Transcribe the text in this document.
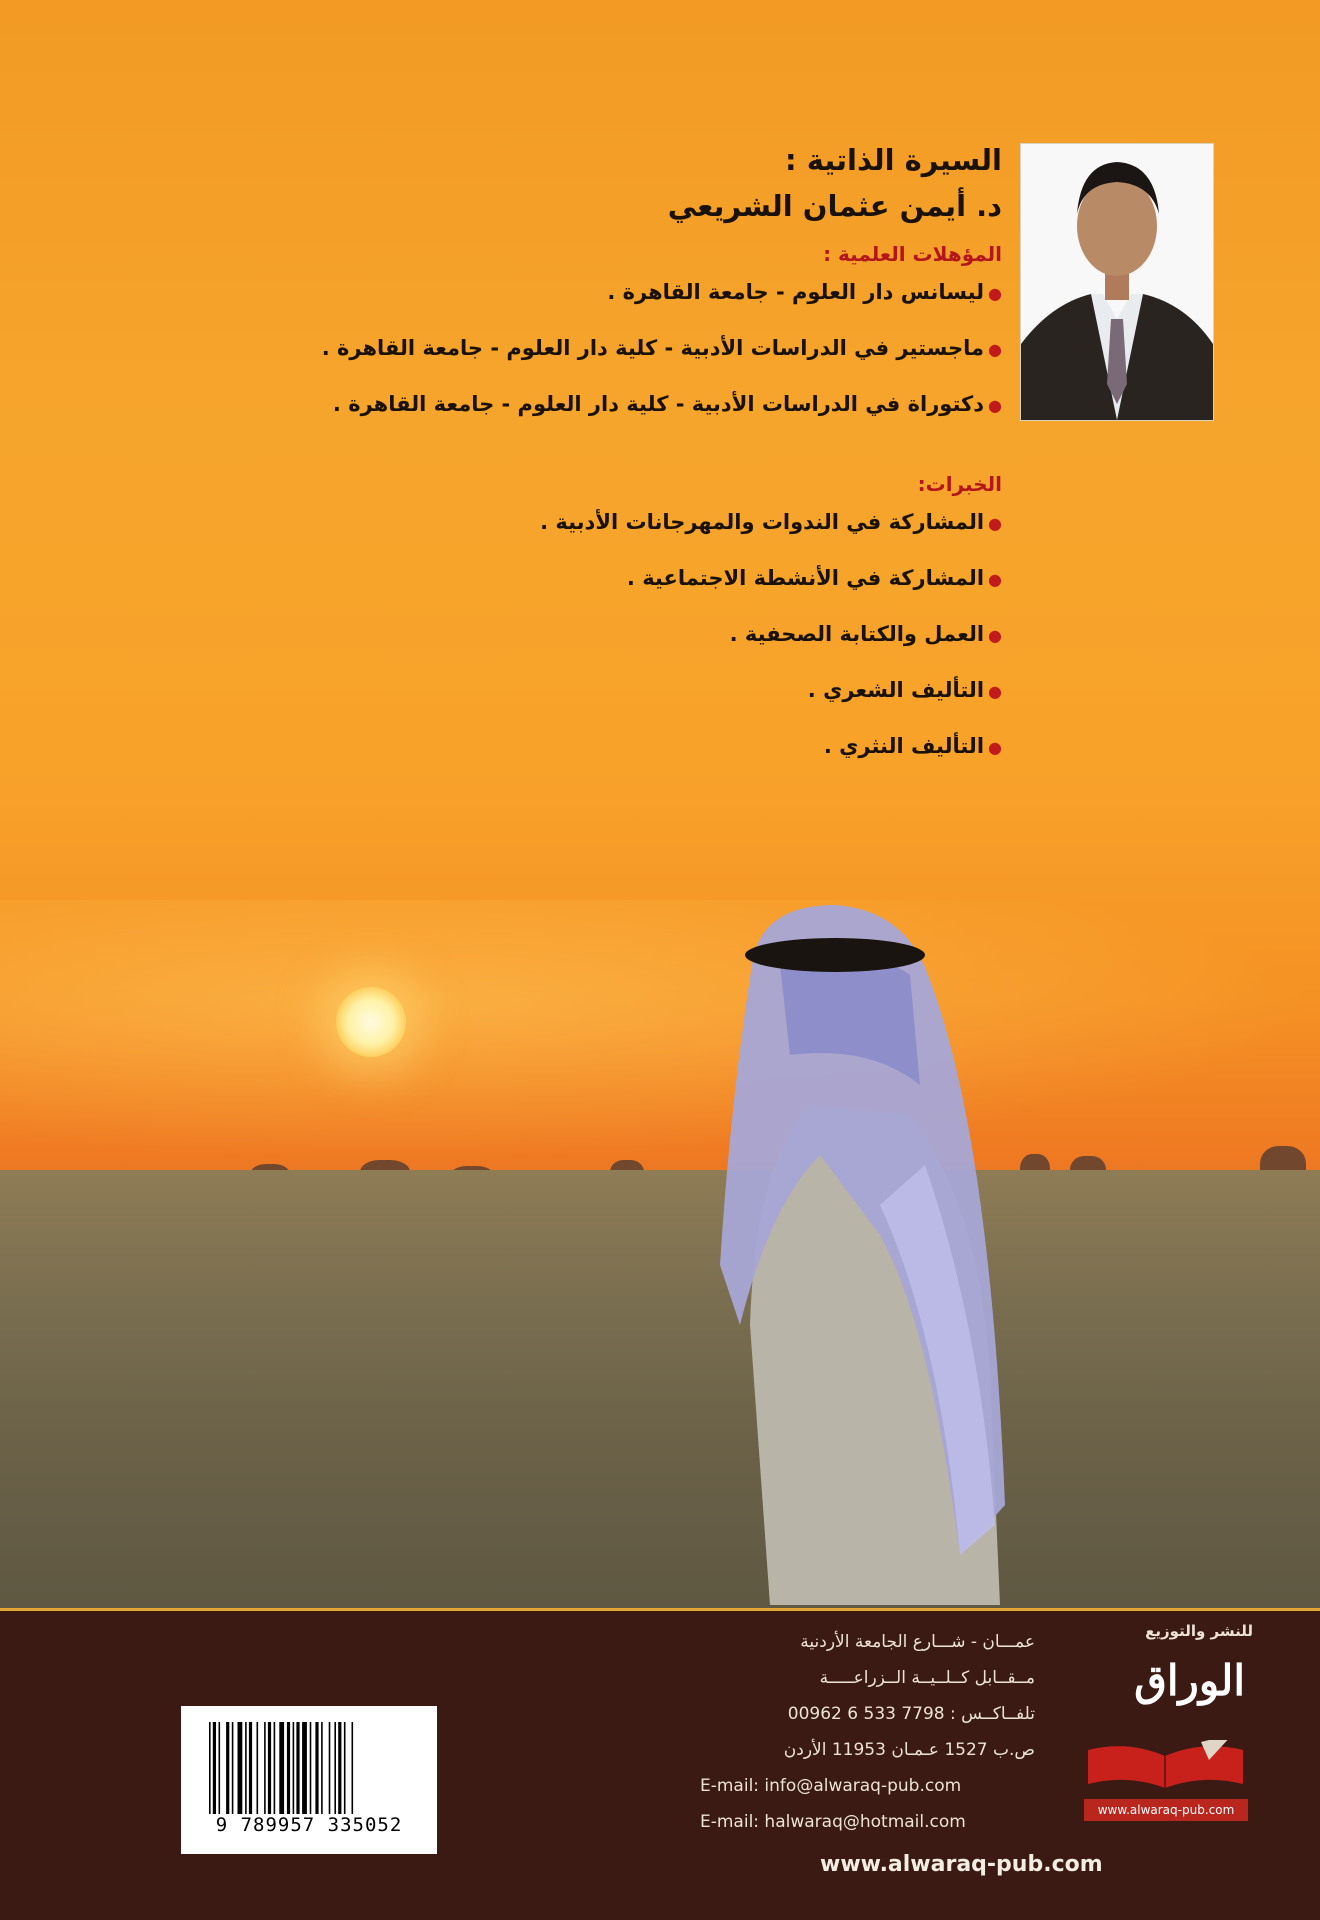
السيرة الذاتية :

د. أيمن عثمان الشريعي

المؤهلات العلمية :

●ليسانس دار العلوم - جامعة القاهرة .
●ماجستير في الدراسات الأدبية - كلية دار العلوم - جامعة القاهرة .
●دكتوراة في الدراسات الأدبية - كلية دار العلوم - جامعة القاهرة .

الخبرات:

●المشاركة في الندوات والمهرجانات الأدبية .
●المشاركة في الأنشطة الاجتماعية .
●العمل والكتابة الصحفية .
●التأليف الشعري .
●التأليف النثري .
9 789957 335052
عمـــان - شـــارع الجامعة الأردنية
مــقــابل كــلــيــة الــزراعـــــة
تلفــاكــس : 7798 533 6 00962
ص.ب 1527 عـمـان 11953 الأردن
E-mail: info@alwaraq-pub.com
E-mail: halwaraq@hotmail.com
للنشر والتوزيع
الوراق
www.alwaraq-pub.com
www.alwaraq-pub.com
